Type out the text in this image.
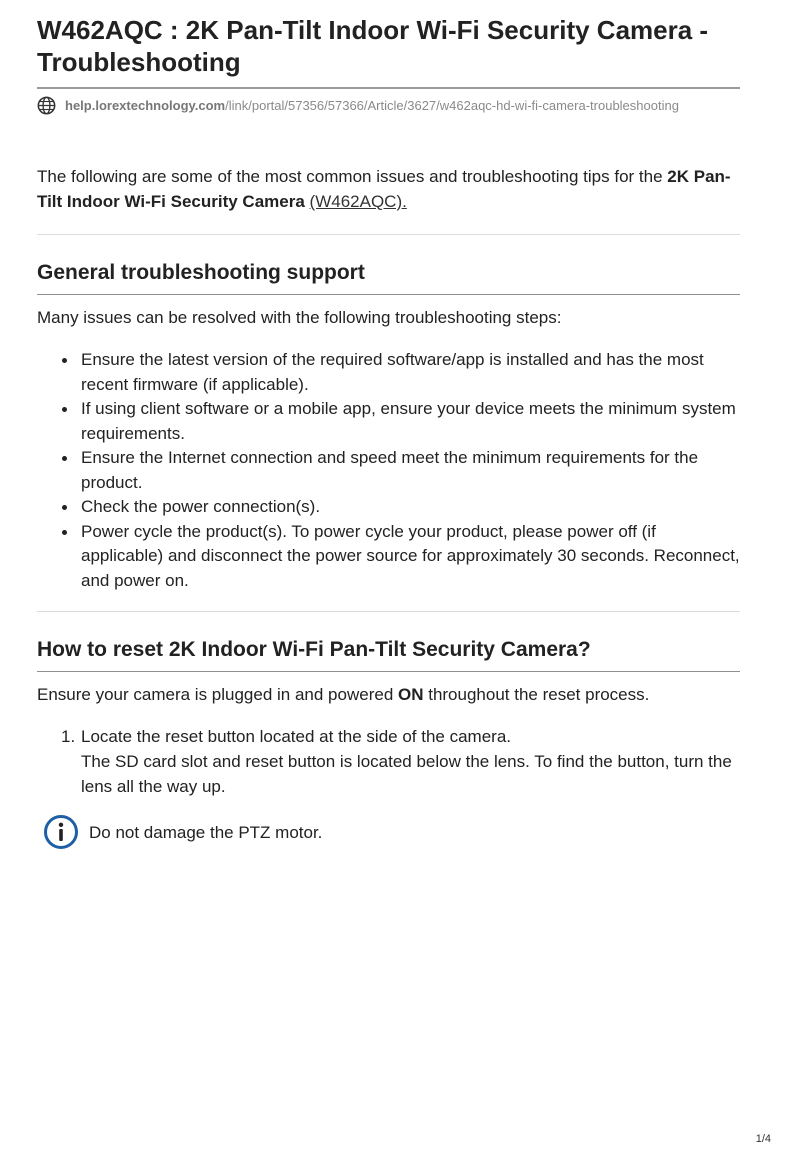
W462AQC : 2K Pan-Tilt Indoor Wi-Fi Security Camera - Troubleshooting
help.lorextechnology.com/link/portal/57356/57366/Article/3627/w462aqc-hd-wi-fi-camera-troubleshooting

The following are some of the most common issues and troubleshooting tips for the 2K Pan-Tilt Indoor Wi-Fi Security Camera (W462AQC).

General troubleshooting support

Many issues can be resolved with the following troubleshooting steps:

Ensure the latest version of the required software/app is installed and has the most recent firmware (if applicable).
If using client software or a mobile app, ensure your device meets the minimum system requirements.
Ensure the Internet connection and speed meet the minimum requirements for the product.
Check the power connection(s).
Power cycle the product(s). To power cycle your product, please power off (if applicable) and disconnect the power source for approximately 30 seconds. Reconnect, and power on.
How to reset 2K Indoor Wi-Fi Pan-Tilt Security Camera?

Ensure your camera is plugged in and powered ON throughout the reset process.

1. Locate the reset button located at the side of the camera.
The SD card slot and reset button is located below the lens. To find the button, turn the lens all the way up.
Do not damage the PTZ motor.
1/4
